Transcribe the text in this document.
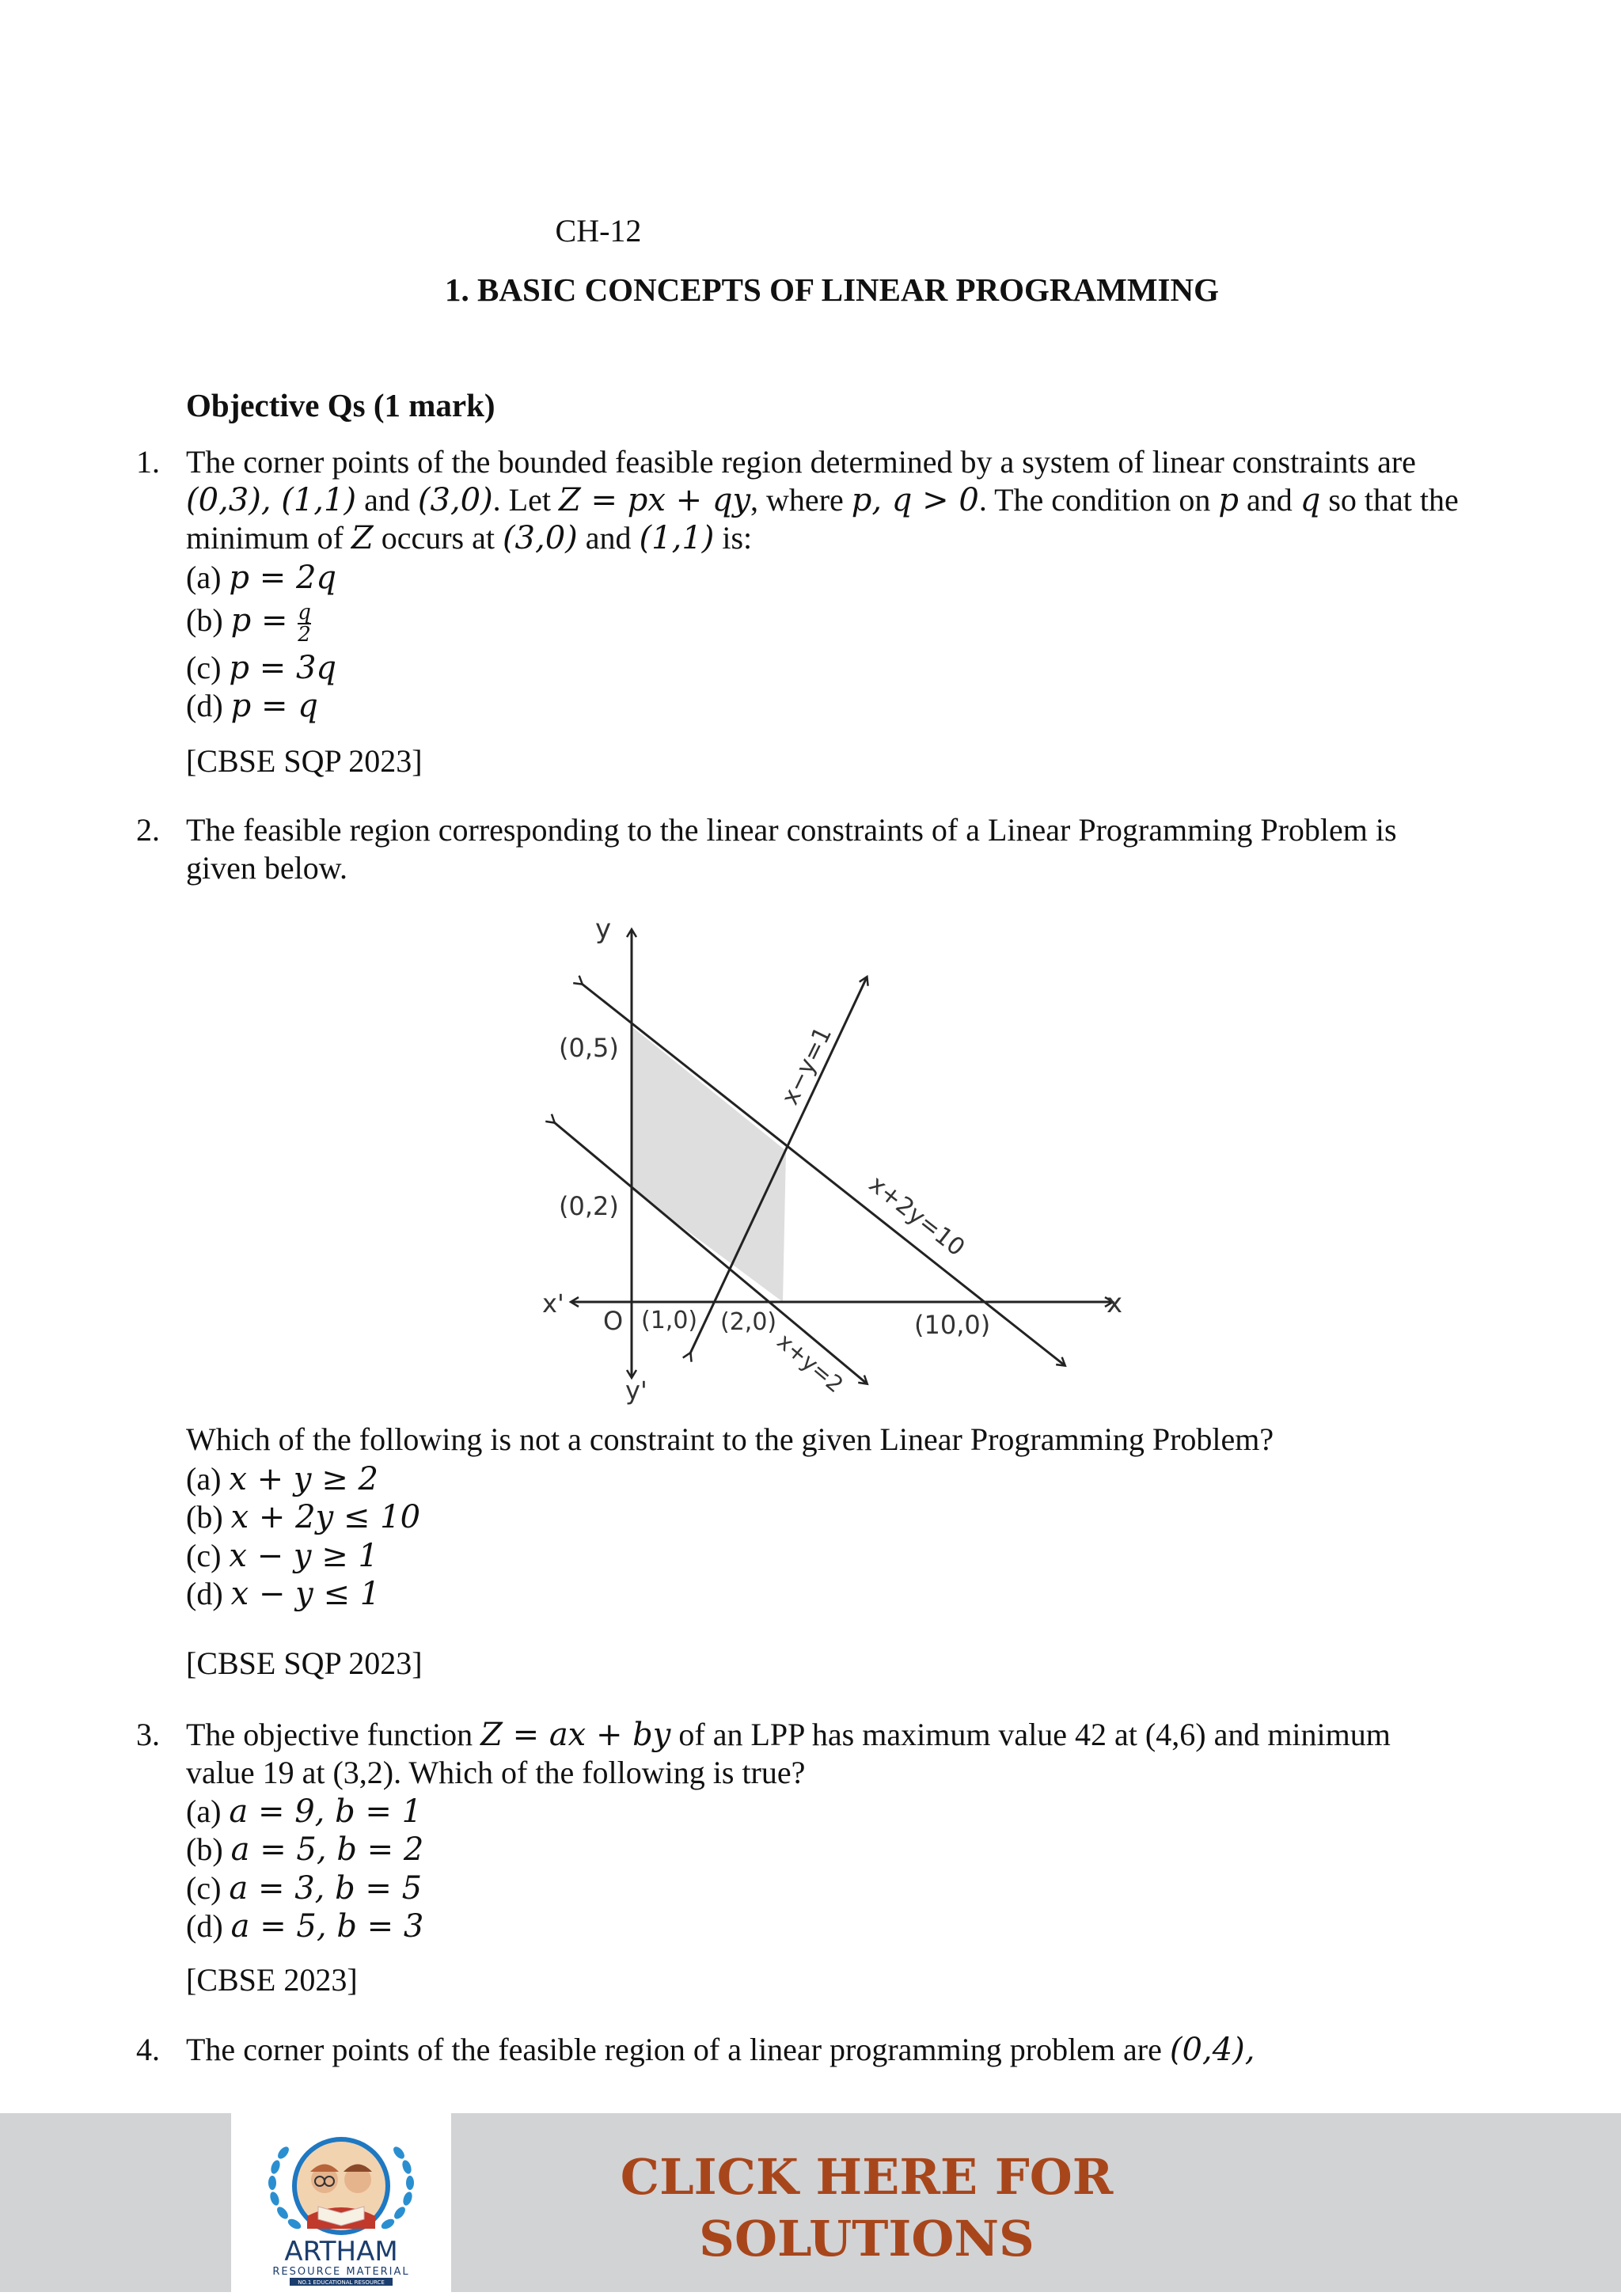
CH-12
1. BASIC CONCEPTS OF LINEAR PROGRAMMING
Objective Qs (1 mark)
1. The corner points of the bounded feasible region determined by a system of linear constraints are
(0,3), (1,1) and (3,0). Let Z = px + qy, where p, q > 0. The condition on p and q so that the
minimum of Z occurs at (3,0) and (1,1) is:
(a) p = 2q
(b) $p = \frac{q}{2}$
(c) p = 3q
(d) p = q
[CBSE SQP 2023]
2. The feasible region corresponding to the linear constraints of a Linear Programming Problem is
given below.
y
y'
x
x'
O
(0,5)
(0,2)
(1,0) (2,0)	(10,0)
x−y=1
x+2y=10
x+y=2
Which of the following is not a constraint to the given Linear Programming Problem?
(a) x + y ≥ 2
(b) x + 2y ≤ 10
(c) x − y ≥ 1
(d) x − y ≤ 1
[CBSE SQP 2023]
3. The objective function Z = ax + by of an LPP has maximum value 42 at (4,6) and minimum
value 19 at (3,2). Which of the following is true?
(a) a = 9, b = 1
(b) a = 5, b = 2
(c) a = 3, b = 5
(d) a = 5, b = 3
[CBSE 2023]
4. The corner points of the feasible region of a linear programming problem are (0,4),
ARTHAM
RESOURCE MATERIAL
NO.1 EDUCATIONAL RESOURCE
CLICK HERE FOR
SOLUTIONS
